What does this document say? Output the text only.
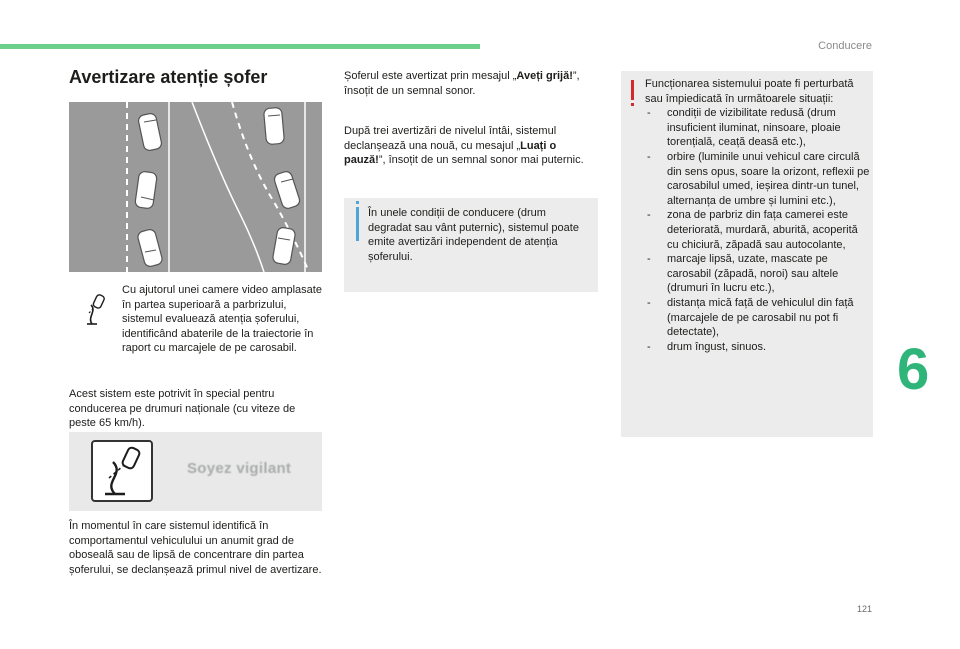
Conducere
6
121
Avertizare atenție șofer

Cu ajutorul unei camere video amplasate în partea superioară a parbrizului, sistemul evaluează atenția șoferului, identificând abaterile de la traiectorie în raport cu marcajele de pe carosabil.

Acest sistem este potrivit în special pentru conducerea pe drumuri naționale (cu viteze de peste 65 km/h).

Soyez vigilant

În momentul în care sistemul identifică în comportamentul vehiculului un anumit grad de oboseală sau de lipsă de concentrare din partea șoferului, se declanșează primul nivel de avertizare.

Șoferul este avertizat prin mesajul „Aveți grijă!”, însoțit de un semnal sonor.

După trei avertizări de nivelul întâi, sistemul declanșează una nouă, cu mesajul „Luați o pauză!”, însoțit de un semnal sonor mai puternic.

În unele condiții de conducere (drum degradat sau vânt puternic), sistemul poate emite avertizări independent de atenția șoferului.

Funcționarea sistemului poate fi perturbată sau împiedicată în următoarele situații:
- condiții de vizibilitate redusă (drum insuficient iluminat, ninsoare, ploaie torențială, ceață deasă etc.),
- orbire (luminile unui vehicul care circulă din sens opus, soare la orizont, reflexii pe carosabilul umed, ieșirea dintr-un tunel, alternanța de umbre și lumini etc.),
- zona de parbriz din fața camerei este deteriorată, murdară, aburită, acoperită cu chiciură, zăpadă sau autocolante,
- marcaje lipsă, uzate, mascate pe carosabil (zăpadă, noroi) sau altele (drumuri în lucru etc.),
- distanța mică față de vehiculul din față (marcajele de pe carosabil nu pot fi detectate),
- drum îngust, sinuos.
